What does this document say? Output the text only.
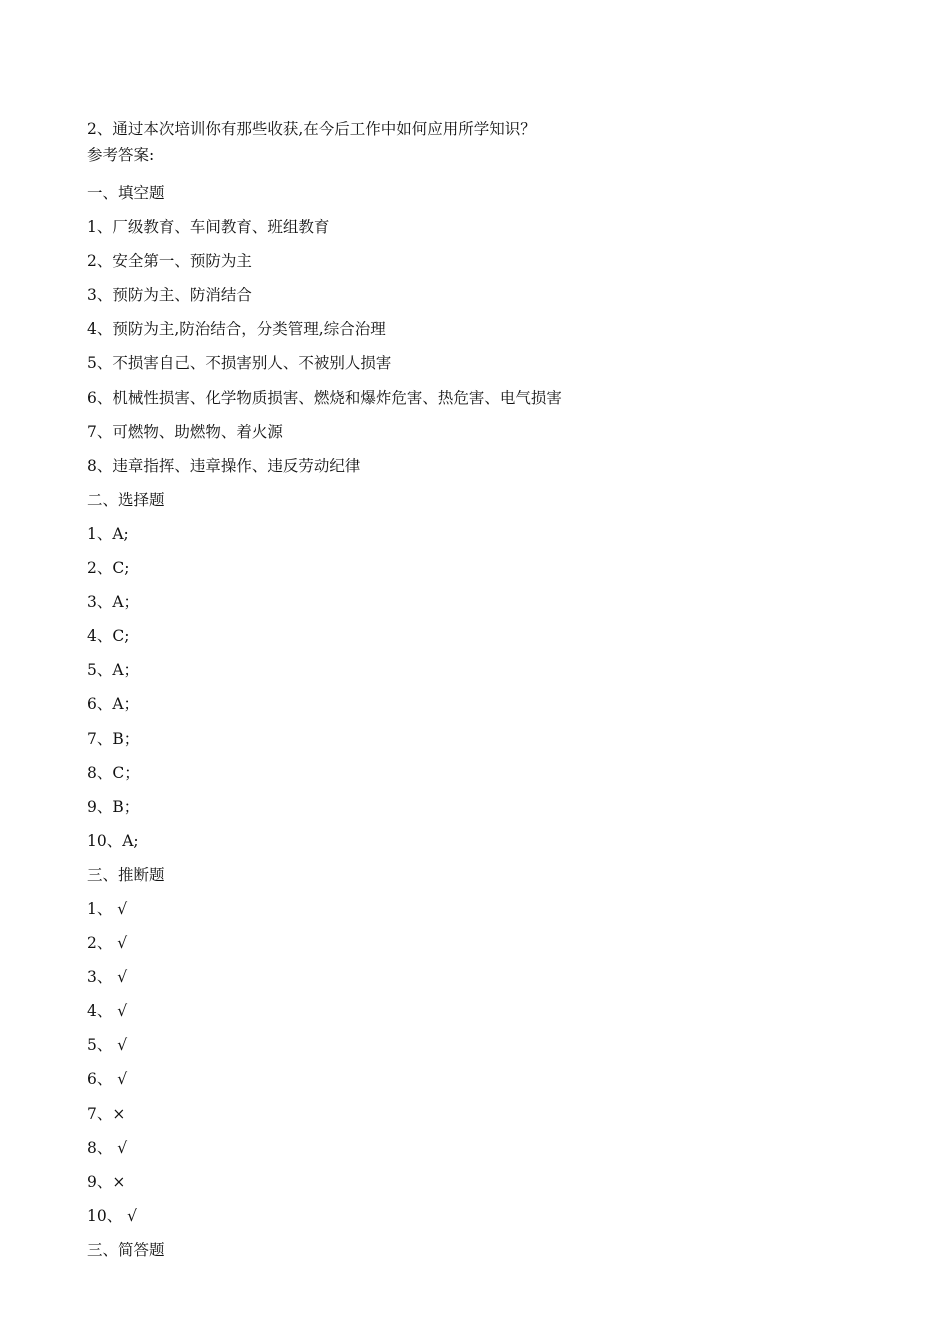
2、通过本次培训你有那些收获,在今后工作中如何应用所学知识？

参考答案:

一、填空题

1、厂级教育、车间教育、班组教育

2、安全第一、预防为主

3、预防为主、防消结合

4、预防为主,防治结合，分类管理,综合治理

5、不损害自己、不损害别人、不被别人损害

6、机械性损害、化学物质损害、燃烧和爆炸危害、热危害、电气损害

7、可燃物、助燃物、着火源

8、违章指挥、违章操作、违反劳动纪律

二、选择题

1、A;

2、C;

3、A；

4、C;

5、A；

6、A；

7、B；

8、C；

9、B；

10、A;

三、推断题

1、 √

2、 √

3、 √

4、 √

5、 √

6、 √

7、×

8、 √

9、×

10、 √

三、简答题
